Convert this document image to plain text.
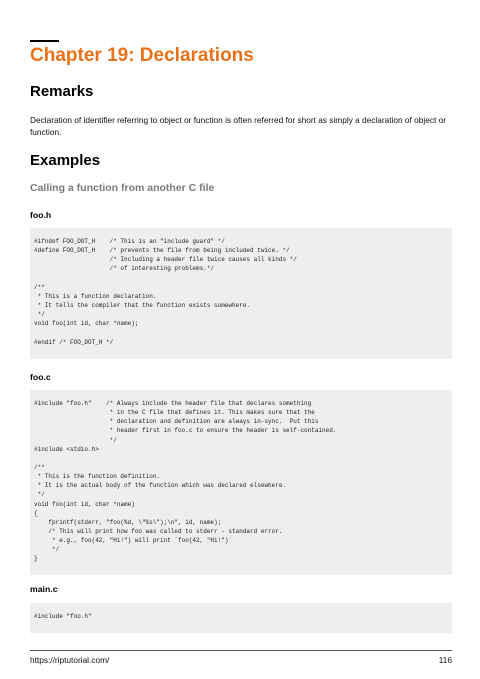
Chapter 19: Declarations
Remarks

Declaration of identifier referring to object or function is often referred for short as simply a declaration of object or function.

Examples
Calling a function from another C file
foo.h
#ifndef FOO_DOT_H    /* This is an "include guard" */
#define FOO_DOT_H    /* prevents the file from being included twice. */
/* Including a header file twice causes all kinds */
/* of interesting problems.*/
/**
* This is a function declaration.
* It tells the compiler that the function exists somewhere.
*/
void foo(int id, char *name);
#endif /* FOO_DOT_H */
foo.c
#include "foo.h"    /* Always include the header file that declares something
* in the C file that defines it. This makes sure that the
* declaration and definition are always in-sync.  Put this
* header first in foo.c to ensure the header is self-contained.
*/
#include <stdio.h>
/**
* This is the function definition.
* It is the actual body of the function which was declared elsewhere.
*/
void foo(int id, char *name)
{
fprintf(stderr, "foo(%d, \"%s\");\n", id, name);
/* This will print how foo was called to stderr - standard error.
* e.g., foo(42, "Hi!") will print `foo(42, "Hi!")`
*/
}
main.c
#include "foo.h"
https://riptutorial.com/	116
